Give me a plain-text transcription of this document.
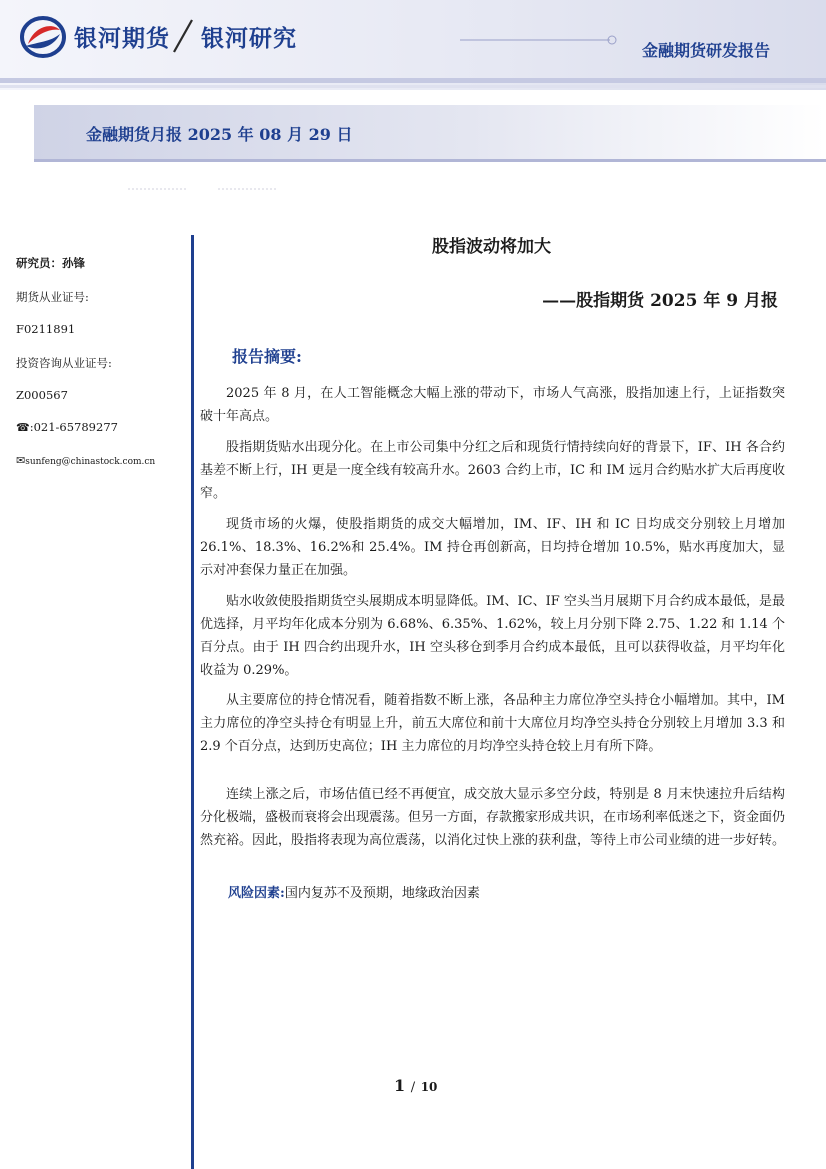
银河期货 银河研究	金融期货研发报告
金融期货月报 2025 年 08 月 29 日
研究员：孙锋
期货从业证号:
F0211891
投资咨询从业证号:
Z000567
☎:021-65789277
✉sunfeng@chinastock.com.cn
股指波动将加大
——股指期货 2025 年 9 月报
报告摘要:

2025 年 8 月，在人工智能概念大幅上涨的带动下，市场人气高涨，股指加速上行，上证指数突破十年高点。

股指期货贴水出现分化。在上市公司集中分红之后和现货行情持续向好的背景下，IF、IH 各合约基差不断上行，IH 更是一度全线有较高升水。2603 合约上市，IC 和 IM 远月合约贴水扩大后再度收窄。

现货市场的火爆，使股指期货的成交大幅增加，IM、IF、IH 和 IC 日均成交分别较上月增加 26.1%、18.3%、16.2%和 25.4%。IM 持仓再创新高，日均持仓增加 10.5%，贴水再度加大，显示对冲套保力量正在加强。

贴水收敛使股指期货空头展期成本明显降低。IM、IC、IF 空头当月展期下月合约成本最低，是最优选择，月平均年化成本分别为 6.68%、6.35%、1.62%，较上月分别下降 2.75、1.22 和 1.14 个百分点。由于 IH 四合约出现升水，IH 空头移仓到季月合约成本最低，且可以获得收益，月平均年化收益为 0.29%。

从主要席位的持仓情况看，随着指数不断上涨，各品种主力席位净空头持仓小幅增加。其中，IM 主力席位的净空头持仓有明显上升，前五大席位和前十大席位月均净空头持仓分别较上月增加 3.3 和 2.9 个百分点，达到历史高位；IH 主力席位的月均净空头持仓较上月有所下降。

连续上涨之后，市场估值已经不再便宜，成交放大显示多空分歧，特别是 8 月末快速拉升后结构分化极端，盛极而衰将会出现震荡。但另一方面，存款搬家形成共识，在市场利率低迷之下，资金面仍然充裕。因此，股指将表现为高位震荡，以消化过快上涨的获利盘，等待上市公司业绩的进一步好转。

风险因素:国内复苏不及预期，地缘政治因素
1 / 10
